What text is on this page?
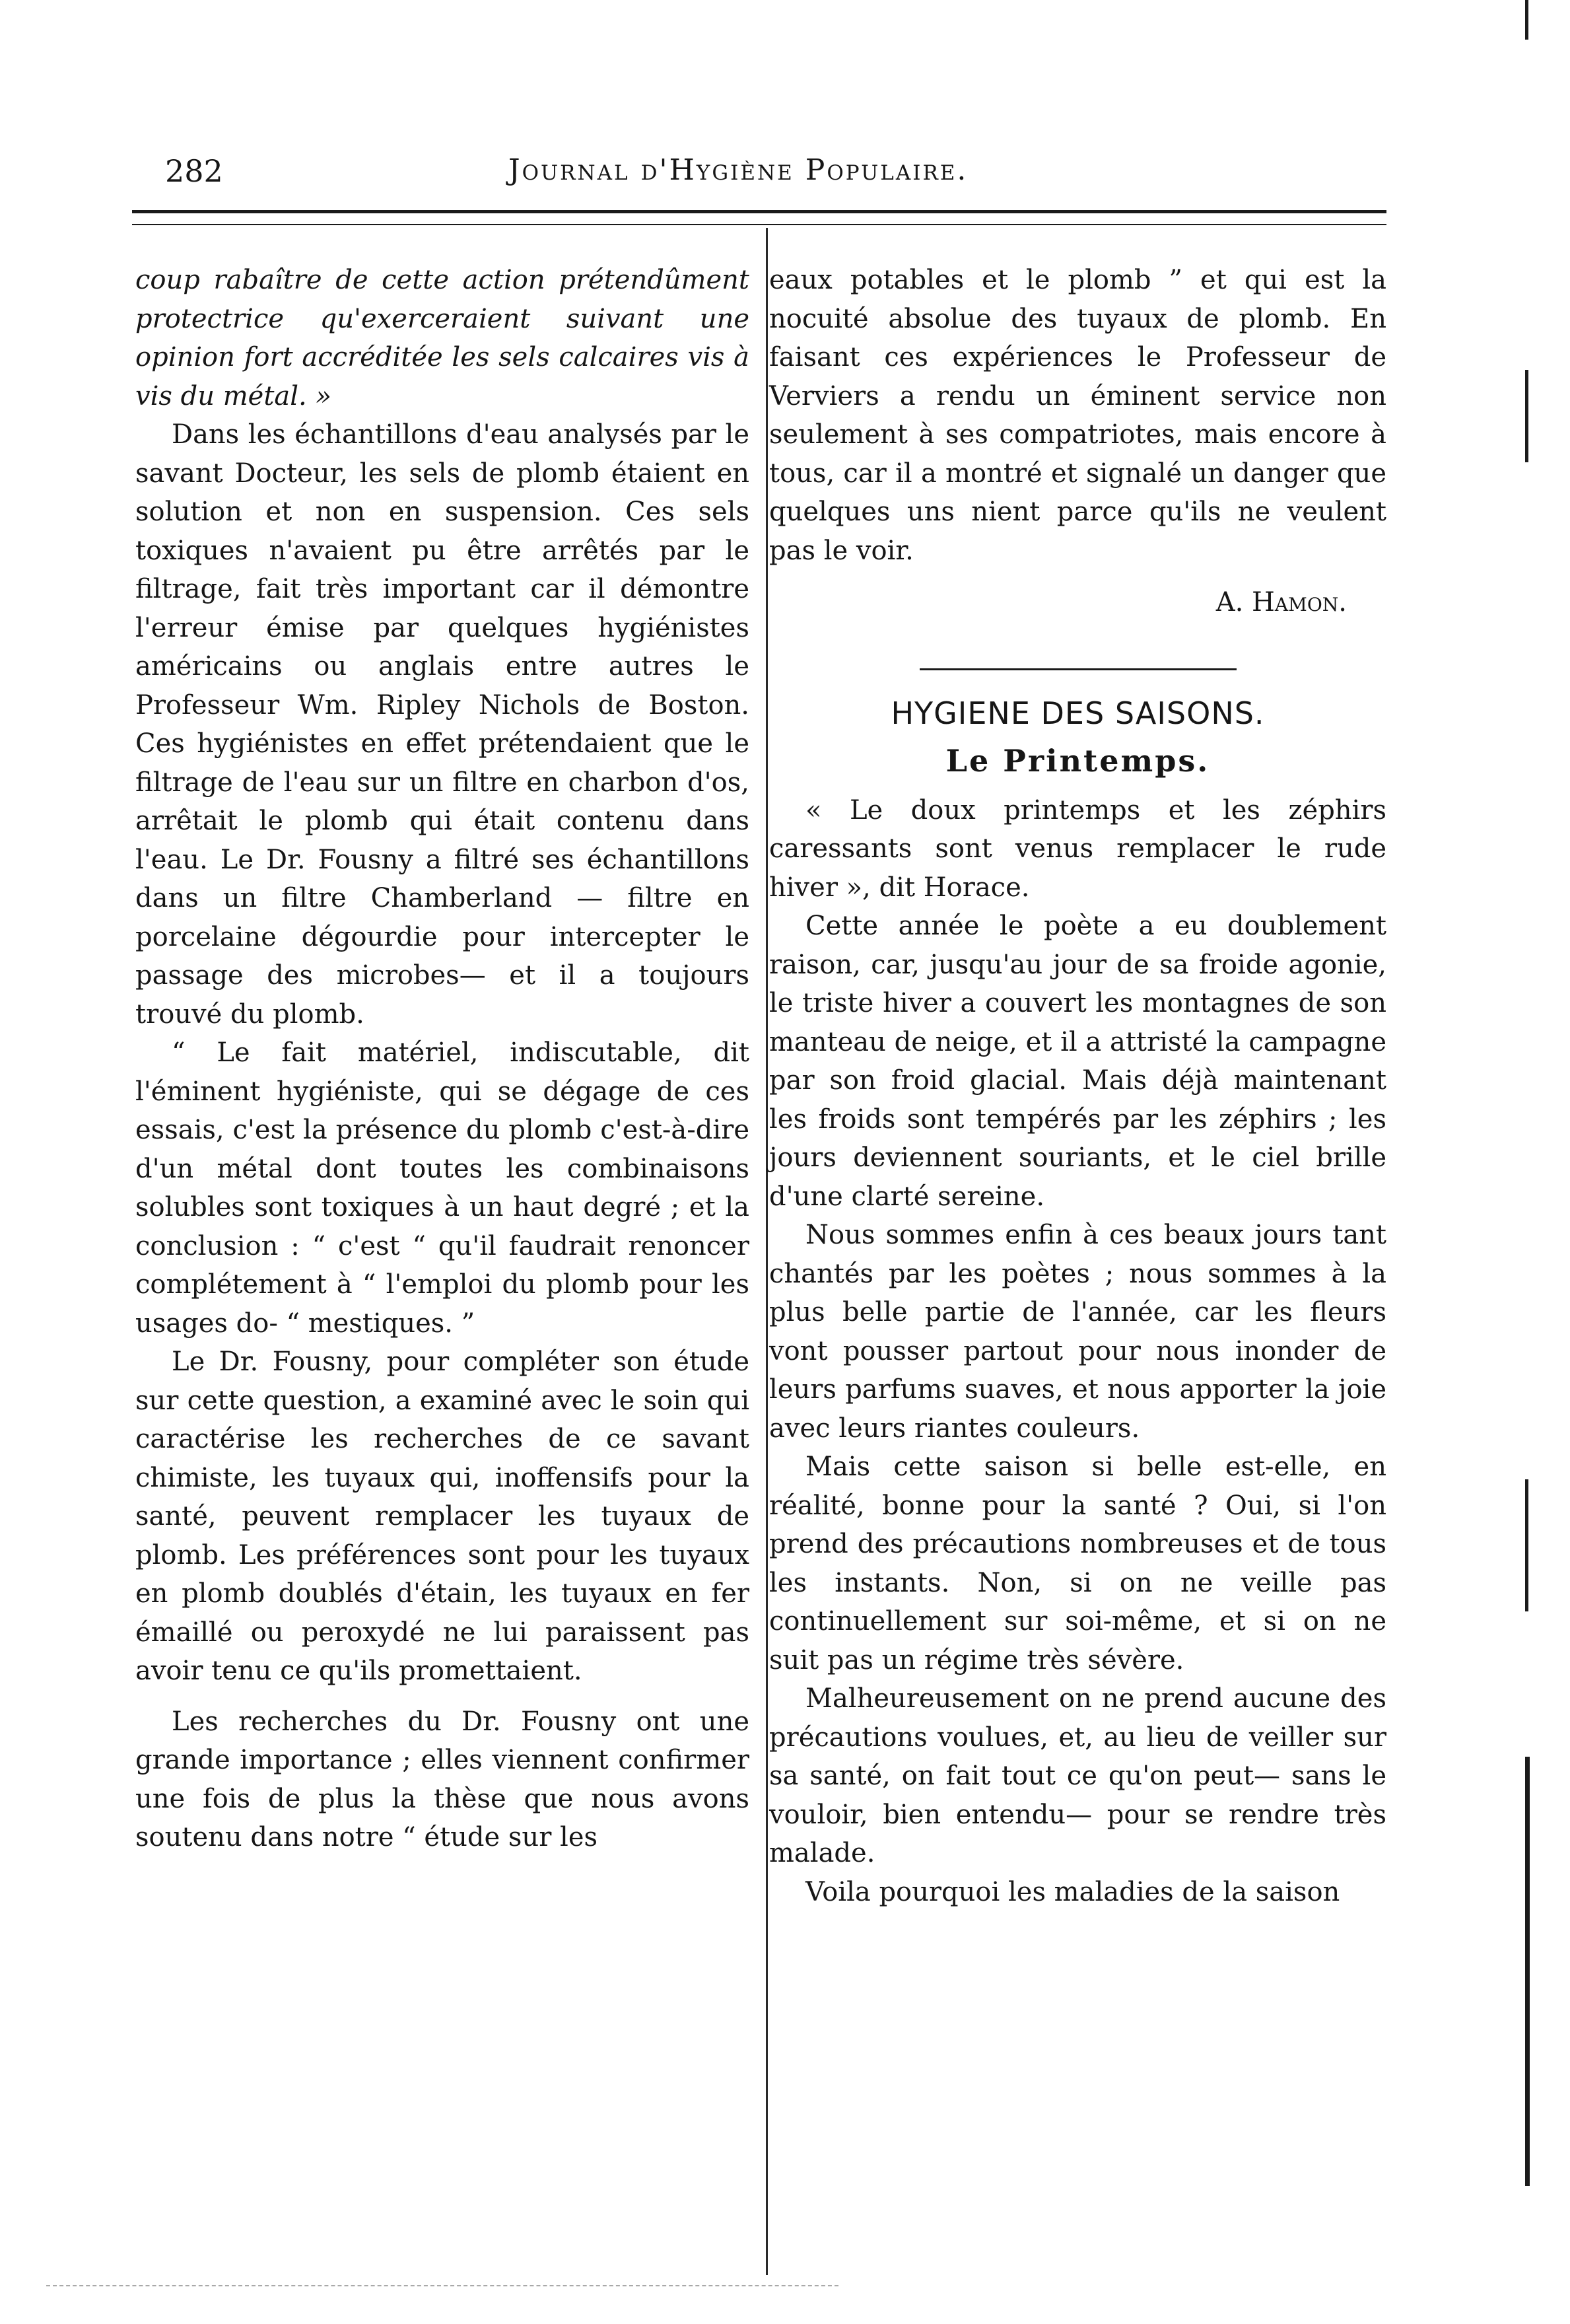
282	Journal d'Hygiène Populaire.

coup rabaître de cette action prétendûment protectrice qu'exerceraient suivant une opinion fort accréditée les sels calcaires vis à vis du métal. »

Dans les échantillons d'eau analysés par le savant Docteur, les sels de plomb étaient en solution et non en suspension. Ces sels toxiques n'avaient pu être arrêtés par le filtrage, fait très important car il démontre l'erreur émise par quelques hygiénistes américains ou anglais entre autres le Professeur Wm. Ripley Nichols de Boston. Ces hygiénistes en effet prétendaient que le filtrage de l'eau sur un filtre en charbon d'os, arrêtait le plomb qui était contenu dans l'eau. Le Dr. Fousny a filtré ses échantillons dans un filtre Chamberland — filtre en porcelaine dégourdie pour intercepter le passage des microbes— et il a toujours trouvé du plomb.

“ Le fait matériel, indiscutable, dit l'éminent hygiéniste, qui se dégage de ces essais, c'est la présence du plomb c'est-à-dire d'un métal dont toutes les combinaisons solubles sont toxiques à un haut degré ; et la conclusion : “ c'est “ qu'il faudrait renoncer complétement à “ l'emploi du plomb pour les usages do- “ mestiques. ”

Le Dr. Fousny, pour compléter son étude sur cette question, a examiné avec le soin qui caractérise les recherches de ce savant chimiste, les tuyaux qui, inoffensifs pour la santé, peuvent remplacer les tuyaux de plomb. Les préférences sont pour les tuyaux en plomb doublés d'étain, les tuyaux en fer émaillé ou peroxydé ne lui paraissent pas avoir tenu ce qu'ils promettaient.

Les recherches du Dr. Fousny ont une grande importance ; elles viennent confirmer une fois de plus la thèse que nous avons soutenu dans notre “ étude sur les

eaux potables et le plomb ” et qui est la nocuité absolue des tuyaux de plomb. En faisant ces expériences le Professeur de Verviers a rendu un éminent service non seulement à ses compatriotes, mais encore à tous, car il a montré et signalé un danger que quelques uns nient parce qu'ils ne veulent pas le voir.

A. Hamon.

HYGIENE DES SAISONS.

Le Printemps.

« Le doux printemps et les zéphirs caressants sont venus remplacer le rude hiver », dit Horace.

Cette année le poète a eu doublement raison, car, jusqu'au jour de sa froide agonie, le triste hiver a couvert les montagnes de son manteau de neige, et il a attristé la campagne par son froid glacial. Mais déjà maintenant les froids sont tempérés par les zéphirs ; les jours deviennent souriants, et le ciel brille d'une clarté sereine.

Nous sommes enfin à ces beaux jours tant chantés par les poètes ; nous sommes à la plus belle partie de l'année, car les fleurs vont pousser partout pour nous inonder de leurs parfums suaves, et nous apporter la joie avec leurs riantes couleurs.

Mais cette saison si belle est-elle, en réalité, bonne pour la santé ? Oui, si l'on prend des précautions nombreuses et de tous les instants. Non, si on ne veille pas continuellement sur soi-même, et si on ne suit pas un régime très sévère.

Malheureusement on ne prend aucune des précautions voulues, et, au lieu de veiller sur sa santé, on fait tout ce qu'on peut— sans le vouloir, bien entendu— pour se rendre très malade.

Voila pourquoi les maladies de la saison
